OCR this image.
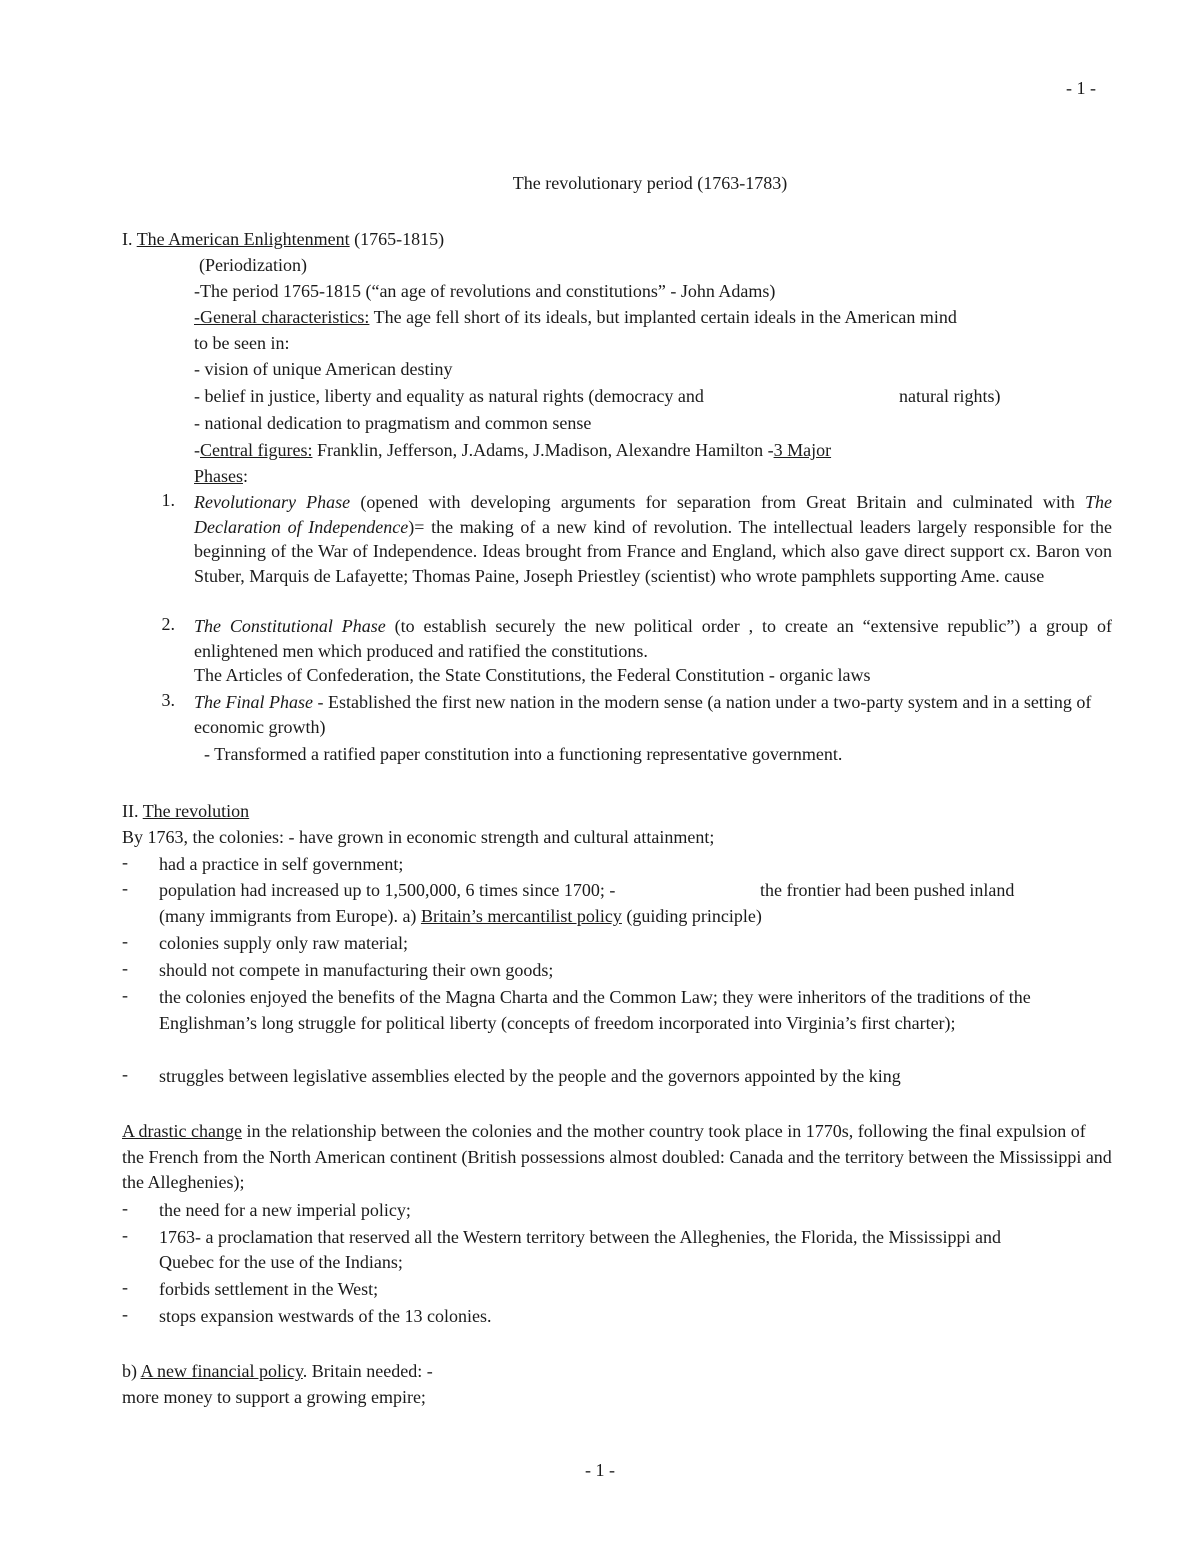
- 1 -
The revolutionary period (1763-1783)
I. The American Enlightenment (1765-1815)
(Periodization)
-The period 1765-1815 (“an age of revolutions and constitutions” - John Adams)
-General characteristics: The age fell short of its ideals, but implanted certain ideals in the American mind
to be seen in:
- vision of unique American destiny
- belief in justice, liberty and equality as natural rights (democracy and	natural rights)
- national dedication to pragmatism and common sense
-Central figures: Franklin, Jefferson, J.Adams, J.Madison, Alexandre Hamilton -3 Major
Phases:
1. Revolutionary Phase (opened with developing arguments for separation from Great Britain and culminated with The Declaration of Independence)= the making of a new kind of revolution. The intellectual leaders largely responsible for the beginning of the War of Independence. Ideas brought from France and England, which also gave direct support cx. Baron von Stuber, Marquis de Lafayette; Thomas Paine, Joseph Priestley (scientist) who wrote pamphlets supporting Ame. cause
2. The Constitutional Phase (to establish securely the new political order , to create an “extensive republic”) a group of enlightened men which produced and ratified the constitutions.
The Articles of Confederation, the State Constitutions, the Federal Constitution - organic laws
3. The Final Phase - Established the first new nation in the modern sense (a nation under a two-party system and in a setting of economic growth)
- Transformed a ratified paper constitution into a functioning representative government.
II. The revolution
By 1763, the colonies: - have grown in economic strength and cultural attainment;
- had a practice in self government;
- population had increased up to 1,500,000, 6 times since 1700; -	the frontier had been pushed inland
(many immigrants from Europe). a) Britain’s mercantilist policy (guiding principle)
- colonies supply only raw material;
- should not compete in manufacturing their own goods;
- the colonies enjoyed the benefits of the Magna Charta and the Common Law; they were inheritors of the traditions of the Englishman’s long struggle for political liberty (concepts of freedom incorporated into Virginia’s first charter);
- struggles between legislative assemblies elected by the people and the governors appointed by the king
A drastic change in the relationship between the colonies and the mother country took place in 1770s, following the final expulsion of the French from the North American continent (British possessions almost doubled: Canada and the territory between the Mississippi and the Alleghenies);
- the need for a new imperial policy;
- 1763- a proclamation that reserved all the Western territory between the Alleghenies, the Florida, the Mississippi and Quebec for the use of the Indians;
- forbids settlement in the West;
- stops expansion westwards of the 13 colonies.
b) A new financial policy. Britain needed: -
more money to support a growing empire;
- 1 -
